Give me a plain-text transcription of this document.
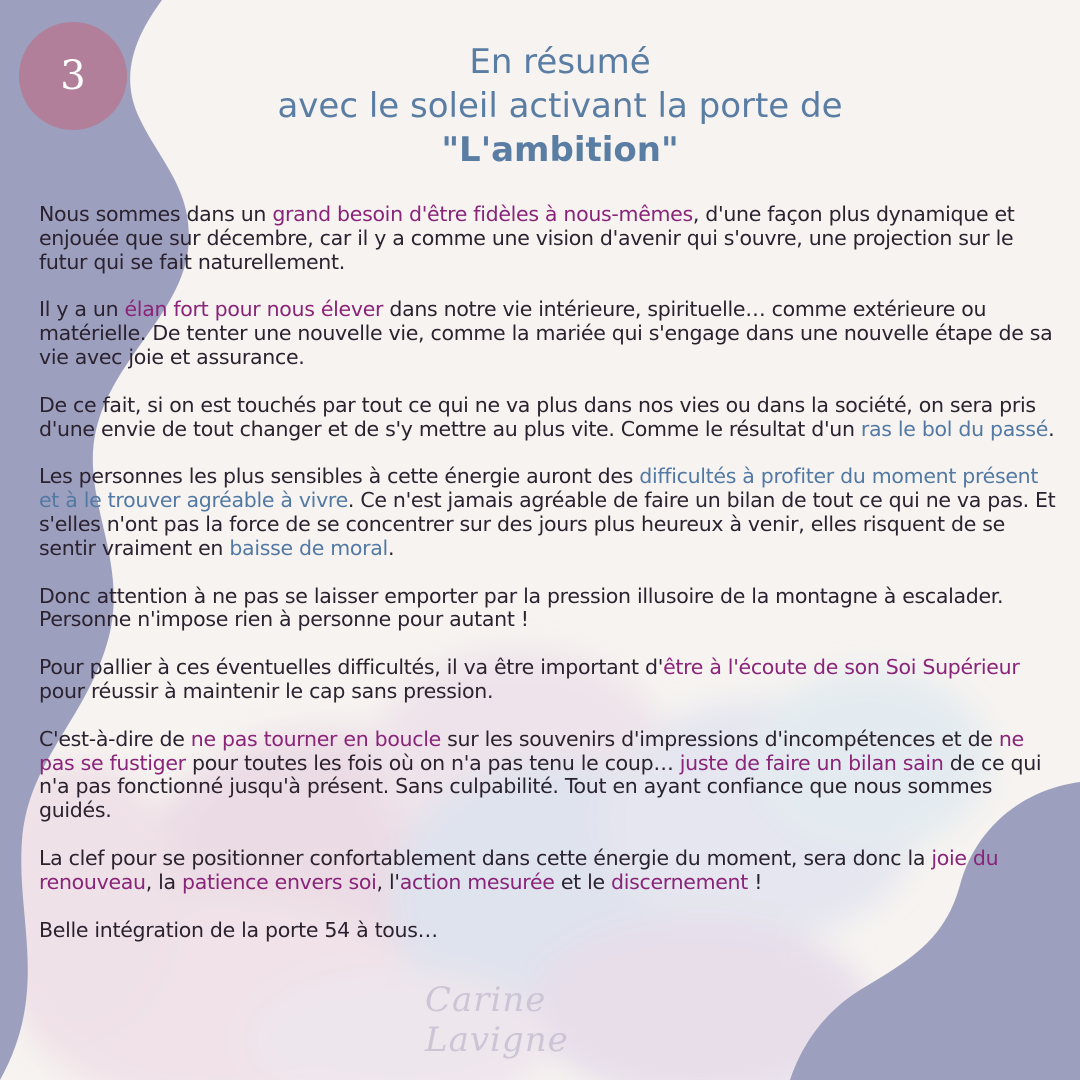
3	En résumé
avec le soleil activant la porte de
"L'ambition"

Nous sommes dans un grand besoin d'être fidèles à nous-mêmes, d'une façon plus dynamique et enjouée que sur décembre, car il y a comme une vision d'avenir qui s'ouvre, une projection sur le futur qui se fait naturellement.

Il y a un élan fort pour nous élever dans notre vie intérieure, spirituelle… comme extérieure ou matérielle. De tenter une nouvelle vie, comme la mariée qui s'engage dans une nouvelle étape de sa vie avec joie et assurance.

De ce fait, si on est touchés par tout ce qui ne va plus dans nos vies ou dans la société, on sera pris d'une envie de tout changer et de s'y mettre au plus vite. Comme le résultat d'un ras le bol du passé.

Les personnes les plus sensibles à cette énergie auront des difficultés à profiter du moment présent et à le trouver agréable à vivre. Ce n'est jamais agréable de faire un bilan de tout ce qui ne va pas. Et s'elles n'ont pas la force de se concentrer sur des jours plus heureux à venir, elles risquent de se sentir vraiment en baisse de moral.

Donc attention à ne pas se laisser emporter par la pression illusoire de la montagne à escalader. Personne n'impose rien à personne pour autant !

Pour pallier à ces éventuelles difficultés, il va être important d'être à l'écoute de son Soi Supérieur pour réussir à maintenir le cap sans pression.

C'est-à-dire de ne pas tourner en boucle sur les souvenirs d'impressions d'incompétences et de ne pas se fustiger pour toutes les fois où on n'a pas tenu le coup… juste de faire un bilan sain de ce qui n'a pas fonctionné jusqu'à présent. Sans culpabilité. Tout en ayant confiance que nous sommes guidés.

La clef pour se positionner confortablement dans cette énergie du moment, sera donc la joie du renouveau, la patience envers soi, l'action mesurée et le discernement !

Belle intégration de la porte 54 à tous…

Carine Lavigne
